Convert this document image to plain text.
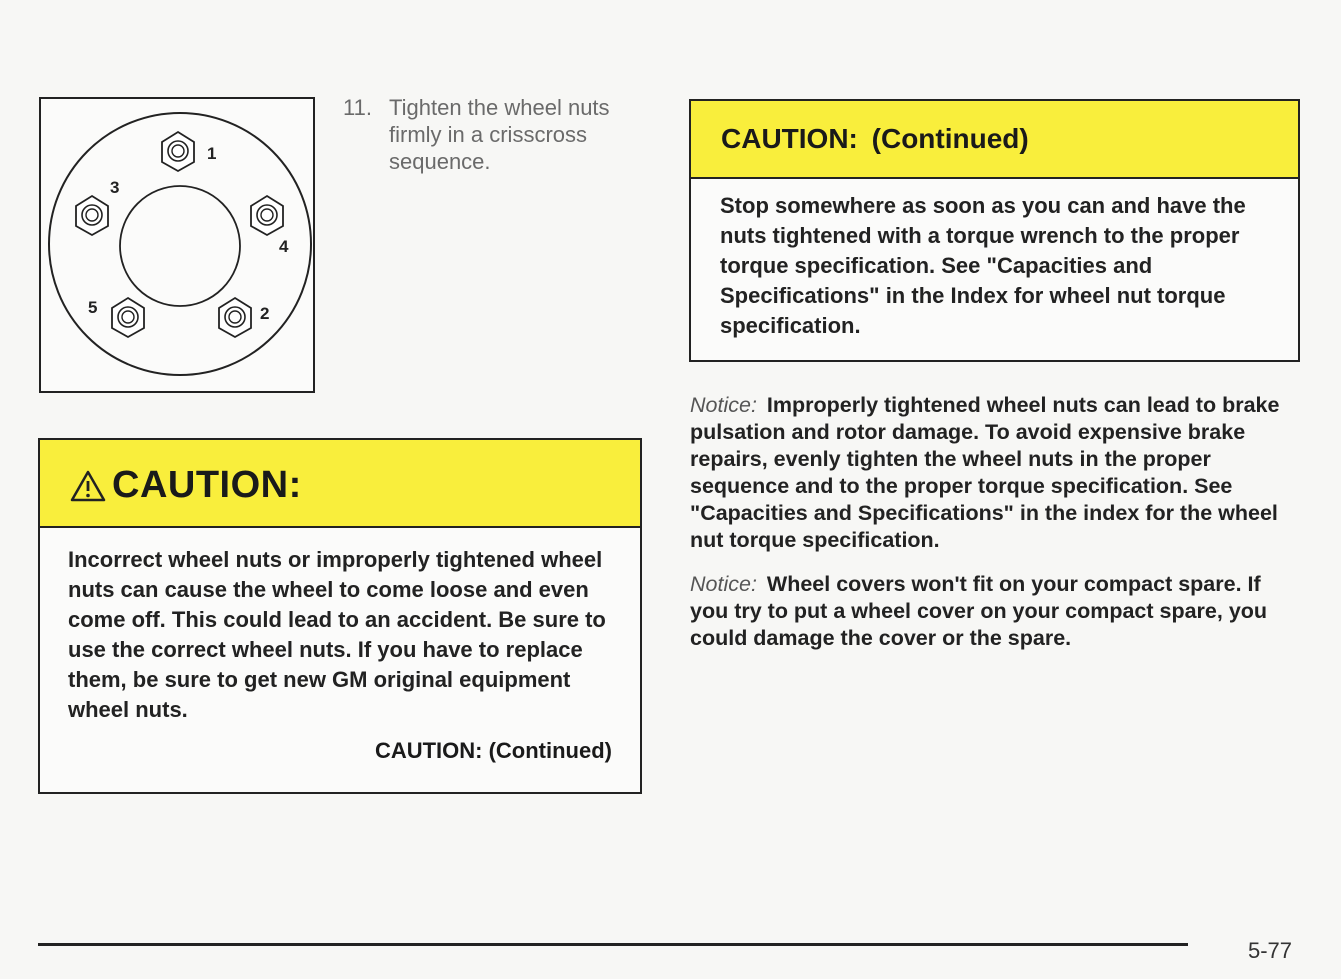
1
3
4
5	2
11. Tighten the wheel nuts firmly in a crisscross sequence.
CAUTION:
Incorrect wheel nuts or improperly tightened wheel nuts can cause the wheel to come loose and even come off. This could lead to an accident. Be sure to use the correct wheel nuts. If you have to replace them, be sure to get new GM original equipment wheel nuts.
CAUTION: (Continued)
CAUTION: (Continued)
Stop somewhere as soon as you can and have the nuts tightened with a torque wrench to the proper torque specification. See "Capacities and Specifications" in the Index for wheel nut torque specification.
Notice: Improperly tightened wheel nuts can lead to brake pulsation and rotor damage. To avoid expensive brake repairs, evenly tighten the wheel nuts in the proper sequence and to the proper torque specification. See "Capacities and Specifications" in the index for the wheel nut torque specification.
Notice: Wheel covers won't fit on your compact spare. If you try to put a wheel cover on your compact spare, you could damage the cover or the spare.
5-77
